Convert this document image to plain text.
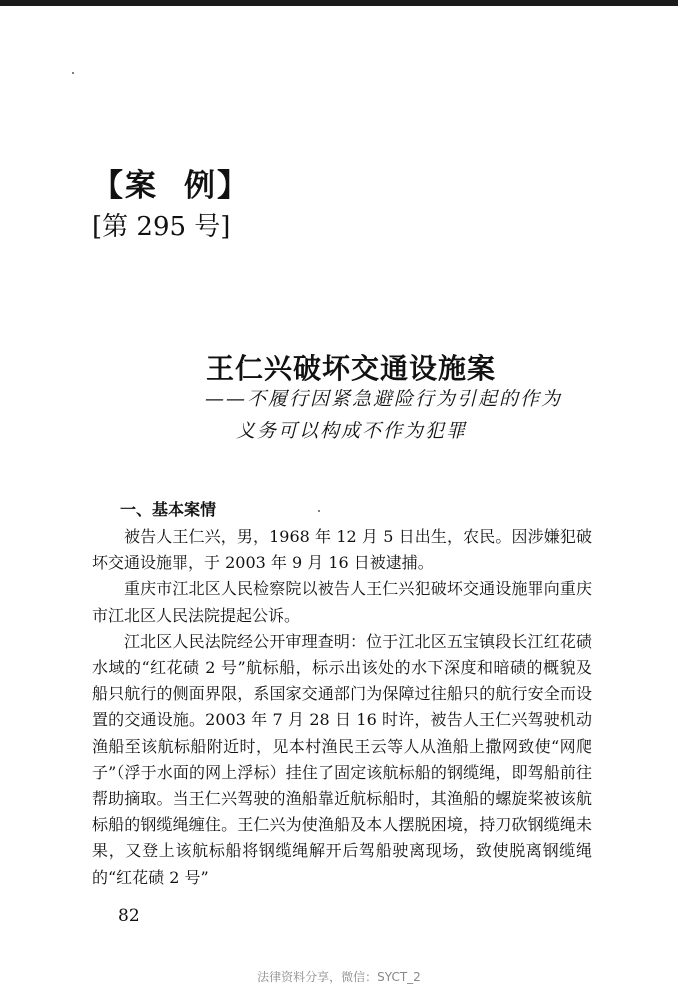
【案 例】
[第 295 号]
王仁兴破坏交通设施案
——不履行因紧急避险行为引起的作为
义务可以构成不作为犯罪
一、基本案情

被告人王仁兴，男，1968 年 12 月 5 日出生，农民。因涉嫌犯破坏交通设施罪，于 2003 年 9 月 16 日被逮捕。

重庆市江北区人民检察院以被告人王仁兴犯破坏交通设施罪向重庆市江北区人民法院提起公诉。

江北区人民法院经公开审理查明：位于江北区五宝镇段长江红花碛水域的“红花碛 2 号”航标船，标示出该处的水下深度和暗碛的概貌及船只航行的侧面界限，系国家交通部门为保障过往船只的航行安全而设置的交通设施。2003 年 7 月 28 日 16 时许，被告人王仁兴驾驶机动渔船至该航标船附近时，见本村渔民王云等人从渔船上撒网致使“网爬子”（浮于水面的网上浮标）挂住了固定该航标船的钢缆绳，即驾船前往帮助摘取。当王仁兴驾驶的渔船靠近航标船时，其渔船的螺旋桨被该航标船的钢缆绳缠住。王仁兴为使渔船及本人摆脱困境，持刀砍钢缆绳未果，又登上该航标船将钢缆绳解开后驾船驶离现场，致使脱离钢缆绳的“红花碛 2 号”

82
法律资料分享，微信：SYCT_2
